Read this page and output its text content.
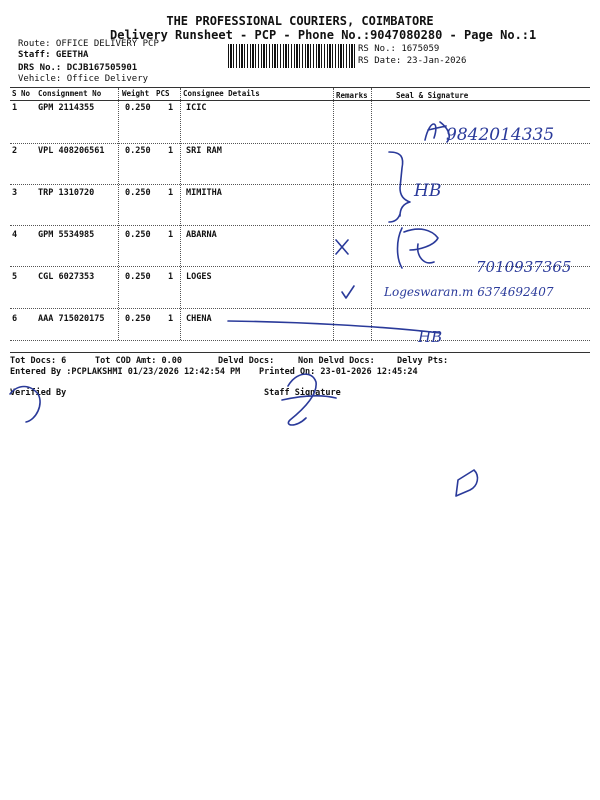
THE PROFESSIONAL COURIERS, COIMBATORE
Delivery Runsheet - PCP - Phone No.:9047080280 - Page No.:1
Route: OFFICE DELIVERY PCP
Staff: GEETHA
DRS No.: DCJB167505901
Vehicle: Office Delivery
RS No.: 1675059
RS Date: 23-Jan-2026
S No Consignment No	Weight PCS Consignee Details	Remarks	Seal & Signature
1 GPM 2114355	0.250 1 ICIC
2 VPL 408206561 0.250 1 SRI RAM
3 TRP 1310720	0.250 1 MIMITHA
4 GPM 5534985	0.250 1 ABARNA
5 CGL 6027353	0.250 1 LOGES
6 AAA 715020175 0.250 1 CHENA
Tot Docs: 6	Tot COD Amt: 0.00	Delvd Docs:	Non Delvd Docs:	Delvy Pts:
Entered By :PCPLAKSHMI 01/23/2026 12:42:54 PM Printed On: 23-01-2026 12:45:24
Verified By	Staff Signature
9842014335
HB
7010937365
Logeswaran.m 6374692407
HB
